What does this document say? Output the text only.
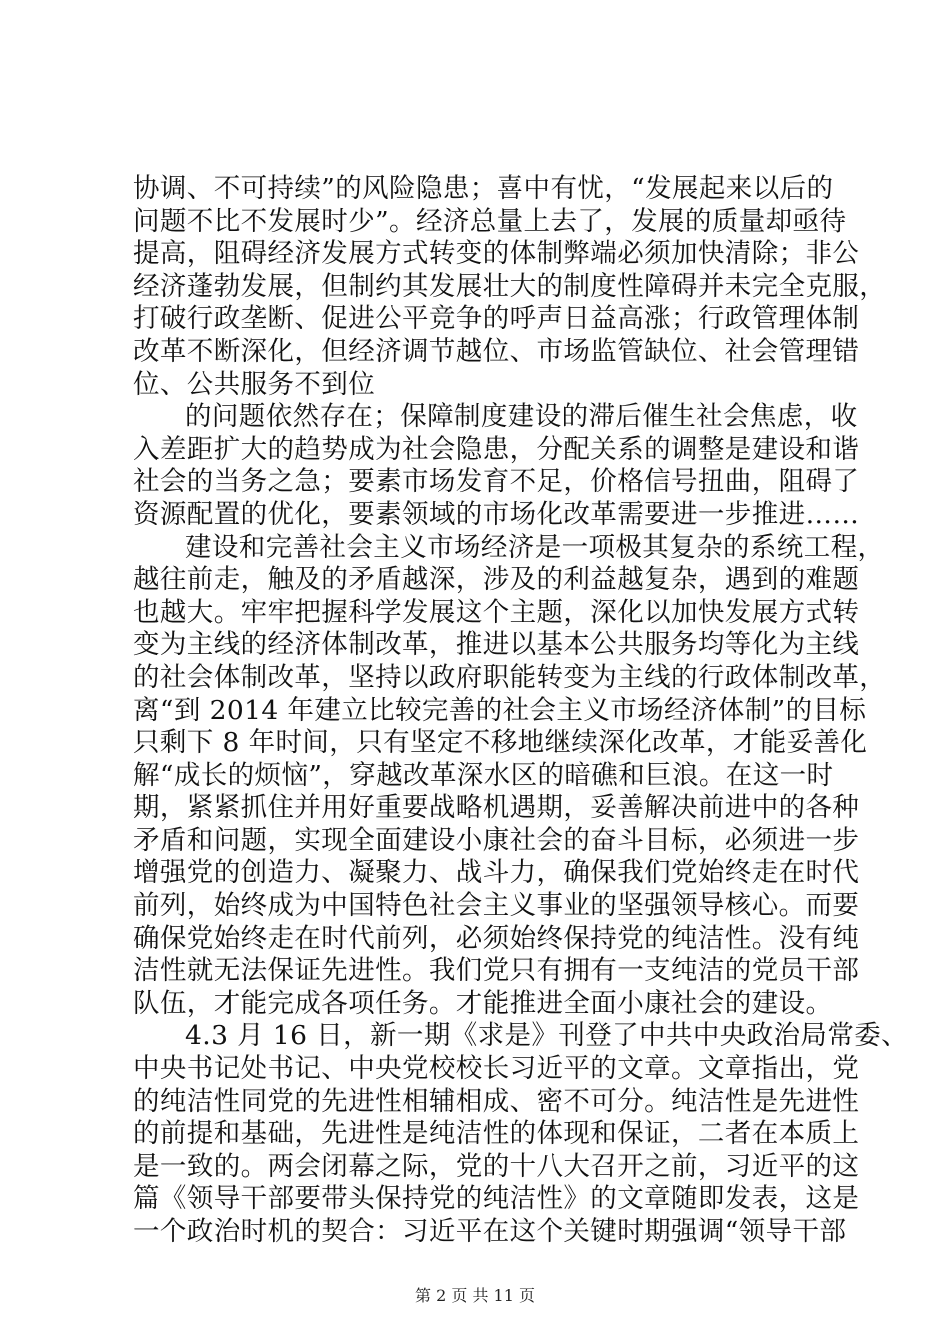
协调、不可持续”的风险隐患；喜中有忧，“发展起来以后的
问题不比不发展时少”。经济总量上去了，发展的质量却亟待
提高，阻碍经济发展方式转变的体制弊端必须加快清除；非公
经济蓬勃发展，但制约其发展壮大的制度性障碍并未完全克服，
打破行政垄断、促进公平竞争的呼声日益高涨；行政管理体制
改革不断深化，但经济调节越位、市场监管缺位、社会管理错
位、公共服务不到位
的问题依然存在；保障制度建设的滞后催生社会焦虑，收
入差距扩大的趋势成为社会隐患，分配关系的调整是建设和谐
社会的当务之急；要素市场发育不足，价格信号扭曲，阻碍了
资源配置的优化，要素领域的市场化改革需要进一步推进……
建设和完善社会主义市场经济是一项极其复杂的系统工程，
越往前走，触及的矛盾越深，涉及的利益越复杂，遇到的难题
也越大。牢牢把握科学发展这个主题，深化以加快发展方式转
变为主线的经济体制改革，推进以基本公共服务均等化为主线
的社会体制改革，坚持以政府职能转变为主线的行政体制改革，
离“到 2014 年建立比较完善的社会主义市场经济体制”的目标
只剩下 8 年时间，只有坚定不移地继续深化改革，才能妥善化
解“成长的烦恼”，穿越改革深水区的暗礁和巨浪。在这一时
期，紧紧抓住并用好重要战略机遇期，妥善解决前进中的各种
矛盾和问题，实现全面建设小康社会的奋斗目标，必须进一步
增强党的创造力、凝聚力、战斗力，确保我们党始终走在时代
前列，始终成为中国特色社会主义事业的坚强领导核心。而要
确保党始终走在时代前列，必须始终保持党的纯洁性。没有纯
洁性就无法保证先进性。我们党只有拥有一支纯洁的党员干部
队伍，才能完成各项任务。才能推进全面小康社会的建设。
4.3 月 16 日，新一期《求是》刊登了中共中央政治局常委、
中央书记处书记、中央党校校长习近平的文章。文章指出，党
的纯洁性同党的先进性相辅相成、密不可分。纯洁性是先进性
的前提和基础，先进性是纯洁性的体现和保证，二者在本质上
是一致的。两会闭幕之际，党的十八大召开之前，习近平的这
篇《领导干部要带头保持党的纯洁性》的文章随即发表，这是
一个政治时机的契合：习近平在这个关键时期强调“领导干部
第 2 页 共 11 页
